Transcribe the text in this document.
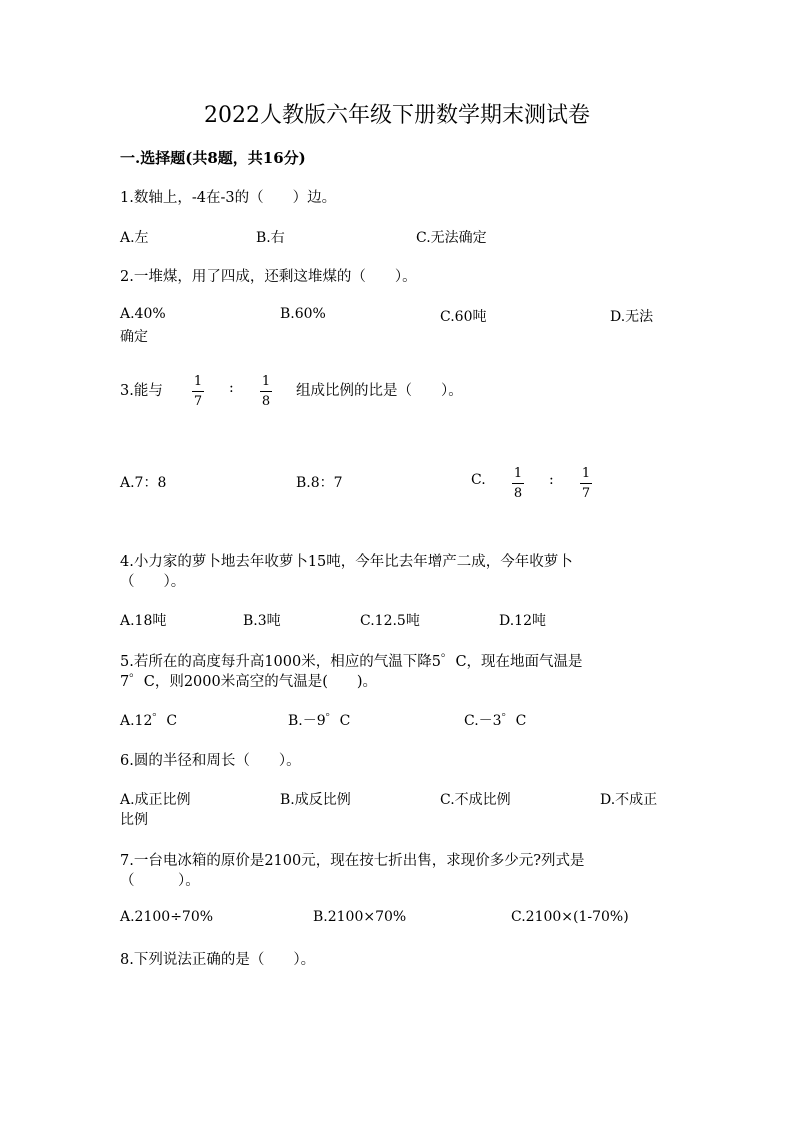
2022人教版六年级下册数学期末测试卷
一.选择题(共8题，共16分)
1.数轴上，-4在-3的（　　）边。
A.左	B.右	C.无法确定
2.一堆煤，用了四成，还剩这堆煤的（　　）。
A.40%	B.60%	C.60吨	D.无法
确定
3.能与
1
7
: 1
8
组成比例的比是（　　）。
A.7：8	B.8：7	C. 1
8
: 1
7
4.小力家的萝卜地去年收萝卜15吨，今年比去年增产二成，今年收萝卜
（　　）。
A.18吨	B.3吨	C.12.5吨	D.12吨
5.若所在的高度每升高1000米，相应的气温下降5゜C，现在地面气温是
7゜C，则2000米高空的气温是(　　)。
A.12゜C	B.－9゜C	C.－3゜C
6.圆的半径和周长（　　）。
A.成正比例	B.成反比例	C.不成比例	D.不成正
比例
7.一台电冰箱的原价是2100元，现在按七折出售，求现价多少元?列式是
（　　　）。
A.2100÷70%	B.2100×70%	C.2100×(1-70%)
8.下列说法正确的是（　　）。
